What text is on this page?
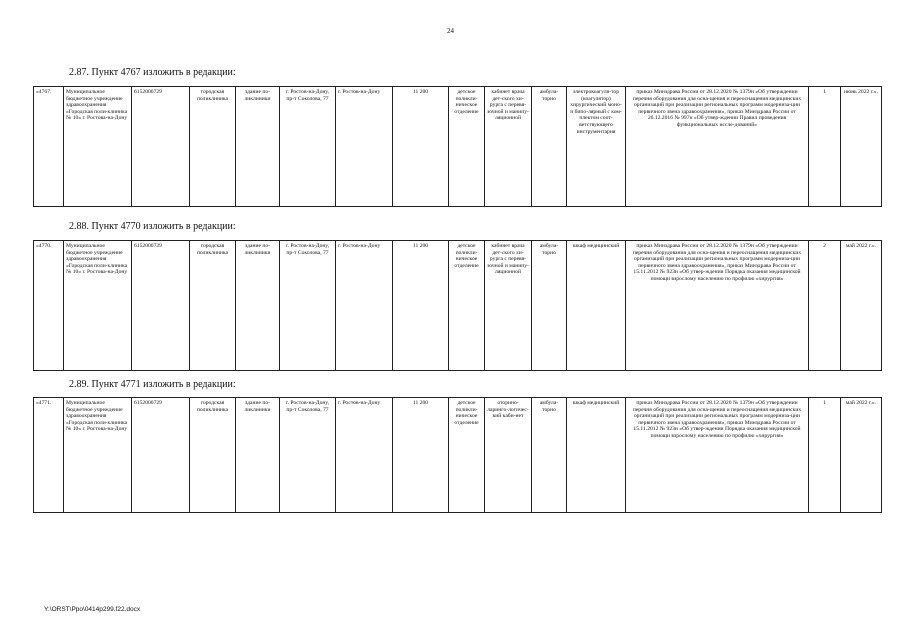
24
2.87. Пункт 4767 изложить в редакции:
«4767.	Муниципальное бюджетное учреждение здравоохранения «Городская поли-клиника № 10» г. Ростова-на-Дону	6152000729	городская поликлиника	здание по-ликлиники	г. Ростов-на-Дону, пр-т Соколова, 77	г. Ростов-на-Дону	11 200	детское поликли-ническое отделение	кабинет врача дет-ского хи-рурга с перевя-зочной и манипу-ляционной	амбула-торно	электрокоагуля-тор (коагулятор) хирургический моно- и бипо-лярный с ком-плектом соот-ветствующего инструментария	приказ Минздрава России от 28.12.2020 № 1379н «Об утверждении перечня оборудования для осна-щения и переоснащения медицинских организаций при реализации региональных программ модерниза-ции первичного звена здравоохранения», приказ Минздрава России от 26.12.2016 № 997н «Об утвер-ждении Правил проведения функциональных иссле-дований»	1	июнь 2022 г.».
2.88. Пункт 4770 изложить в редакции:
«4770.	Муниципальное бюджетное учреждение здравоохранения «Городская поли-клиника № 10» г. Ростова-на-Дону	6152000729	городская поликлиника	здание по-ликлиники	г. Ростов-на-Дону, пр-т Соколова, 77	г. Ростов-на-Дону	11 200	детское поликли-ническое отделение	кабинет врача дет-ского хи-рурга с перевя-зочной и манипу-ляционной	амбула-торно	шкаф медицинский	приказ Минздрава России от 28.12.2020 № 1379н «Об утверждении перечня оборудования для осна-щения и переоснащения медицинских организаций при реализации региональных программ модерниза-ции первичного звена здравоохранения», приказ Минздрава России от 15.11.2012 № 923н «Об утвер-ждении Порядка оказания медицинской помощи взрослому населению по профилю «хирургия»	2	май 2022 г.».
2.89. Пункт 4771 изложить в редакции:
«4771.	Муниципальное бюджетное учреждение здравоохранения «Городская поли-клиника № 10» г. Ростова-на-Дону	6152000729	городская поликлиника	здание по-ликлиники	г. Ростов-на-Дону, пр-т Соколова, 77	г. Ростов-на-Дону	11 200	детское поликли-ническое отделение	оторино-ларинго-логичес-кий каби-нет	амбула-торно	шкаф медицинский	приказ Минздрава России от 28.12.2020 № 1379н «Об утверждении перечня оборудования для осна-щения и переоснащения медицинских организаций при реализации региональных программ модерниза-ции первичного звена здравоохранения», приказ Минздрава России от 15.11.2012 № 923н «Об утвер-ждении Порядка оказания медицинской помощи взрослому населению по профилю «хирургия»	1	май 2022 г.».
Y:\ORST\Ppo\0414p299.f22.docx
